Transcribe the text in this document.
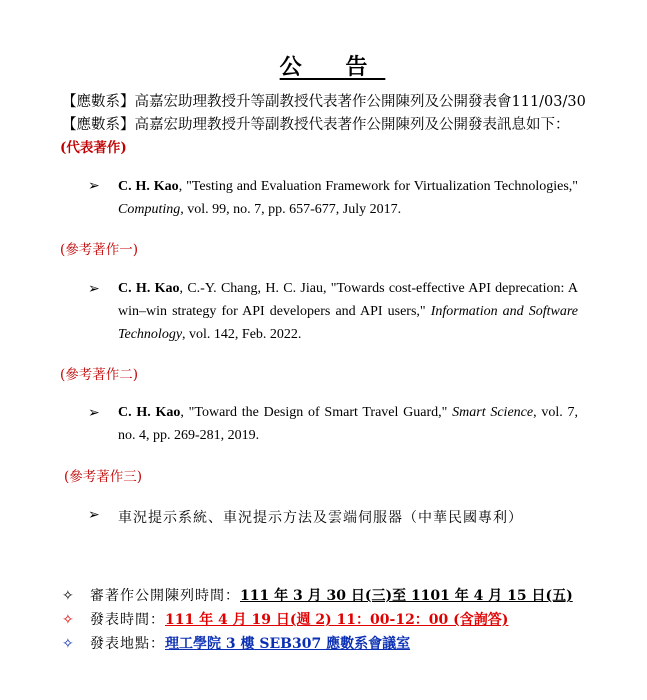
公 告
【應數系】高嘉宏助理教授升等副教授代表著作公開陳列及公開發表會111/03/30
【應數系】高嘉宏助理教授升等副教授代表著作公開陳列及公開發表訊息如下：
(代表著作)
➢ C. H. Kao, "Testing and Evaluation Framework for Virtualization Technologies," Computing, vol. 99, no. 7, pp. 657-677, July 2017.
(參考著作一)
➢ C. H. Kao, C.-Y. Chang, H. C. Jiau, "Towards cost-effective API deprecation: A win–win strategy for API developers and API users," Information and Software Technology, vol. 142, Feb. 2022.
(參考著作二)
➢ C. H. Kao, "Toward the Design of Smart Travel Guard," Smart Science, vol. 7, no. 4, pp. 269-281, 2019.
(參考著作三)
➢ 車況提示系統、車況提示方法及雲端伺服器（中華民國專利）
✧ 審著作公開陳列時間：111 年 3 月 30 日(三)至 1101 年 4 月 15 日(五)
✧ 發表時間：111 年 4 月 19 日(週 2) 11：00-12：00 (含詢答)
✧ 發表地點：理工學院 3 樓 SEB307 應數系會議室
